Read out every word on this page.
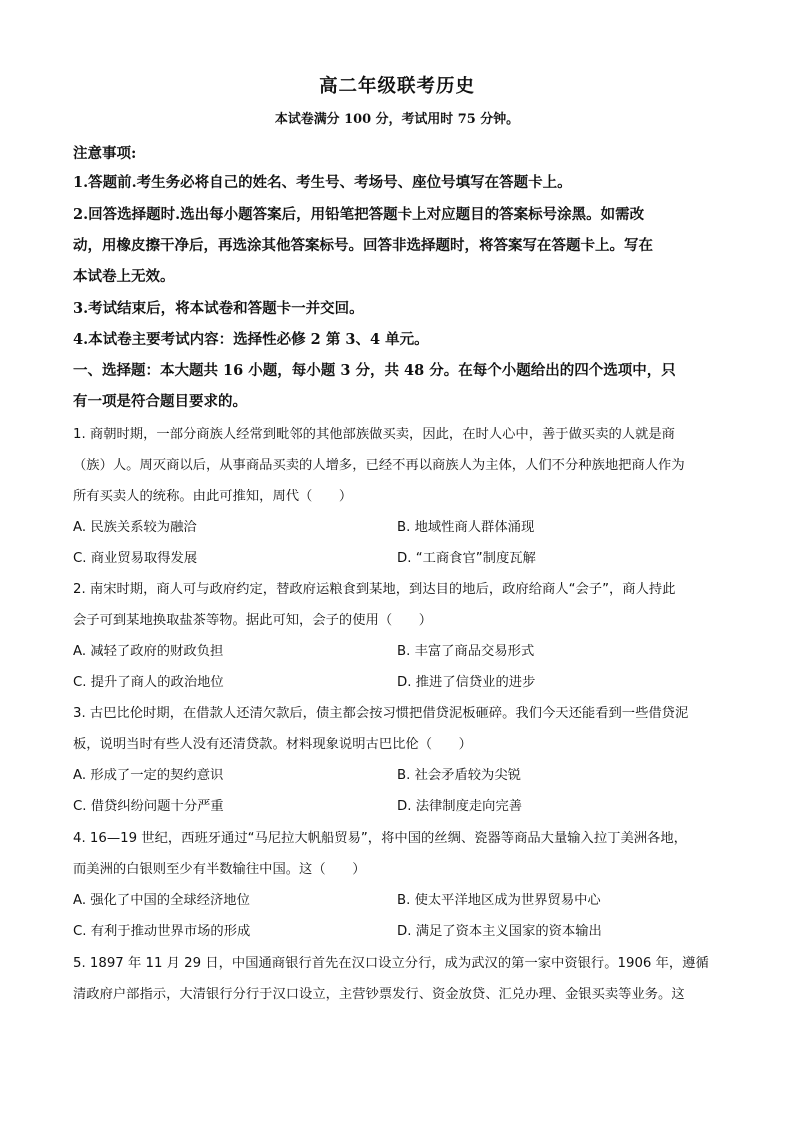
高二年级联考历史
本试卷满分 100 分，考试用时 75 分钟。
注意事项:
1.答题前.考生务必将自己的姓名、考生号、考场号、座位号填写在答题卡上。
2.回答选择题时.选出每小题答案后，用铅笔把答题卡上对应题目的答案标号涂黑。如需改
动，用橡皮擦干净后，再选涂其他答案标号。回答非选择题时，将答案写在答题卡上。写在
本试卷上无效。
3.考试结束后，将本试卷和答题卡一并交回。
4.本试卷主要考试内容：选择性必修 2 第 3、4 单元。
一、选择题：本大题共 16 小题，每小题 3 分，共 48 分。在每个小题给出的四个选项中，只
有一项是符合题目要求的。
1. 商朝时期，一部分商族人经常到毗邻的其他部族做买卖，因此，在时人心中，善于做买卖的人就是商
（族）人。周灭商以后，从事商品买卖的人增多，已经不再以商族人为主体，人们不分种族地把商人作为
所有买卖人的统称。由此可推知，周代（　　）
A. 民族关系较为融洽	B. 地域性商人群体涌现
C. 商业贸易取得发展	D. “工商食官”制度瓦解
2. 南宋时期，商人可与政府约定，替政府运粮食到某地，到达目的地后，政府给商人“会子”，商人持此
会子可到某地换取盐茶等物。据此可知，会子的使用（　　）
A. 减轻了政府的财政负担	B. 丰富了商品交易形式
C. 提升了商人的政治地位	D. 推进了信贷业的进步
3. 古巴比伦时期，在借款人还清欠款后，债主都会按习惯把借贷泥板砸碎。我们今天还能看到一些借贷泥
板，说明当时有些人没有还清贷款。材料现象说明古巴比伦（　　）
A. 形成了一定的契约意识	B. 社会矛盾较为尖锐
C. 借贷纠纷问题十分严重	D. 法律制度走向完善
4. 16—19 世纪，西班牙通过“马尼拉大帆船贸易”，将中国的丝绸、瓷器等商品大量输入拉丁美洲各地，
而美洲的白银则至少有半数输往中国。这（　　）
A. 强化了中国的全球经济地位	B. 使太平洋地区成为世界贸易中心
C. 有利于推动世界市场的形成	D. 满足了资本主义国家的资本输出
5. 1897 年 11 月 29 日，中国通商银行首先在汉口设立分行，成为武汉的第一家中资银行。1906 年，遵循
清政府户部指示，大清银行分行于汉口设立，主营钞票发行、资金放贷、汇兑办理、金银买卖等业务。这
